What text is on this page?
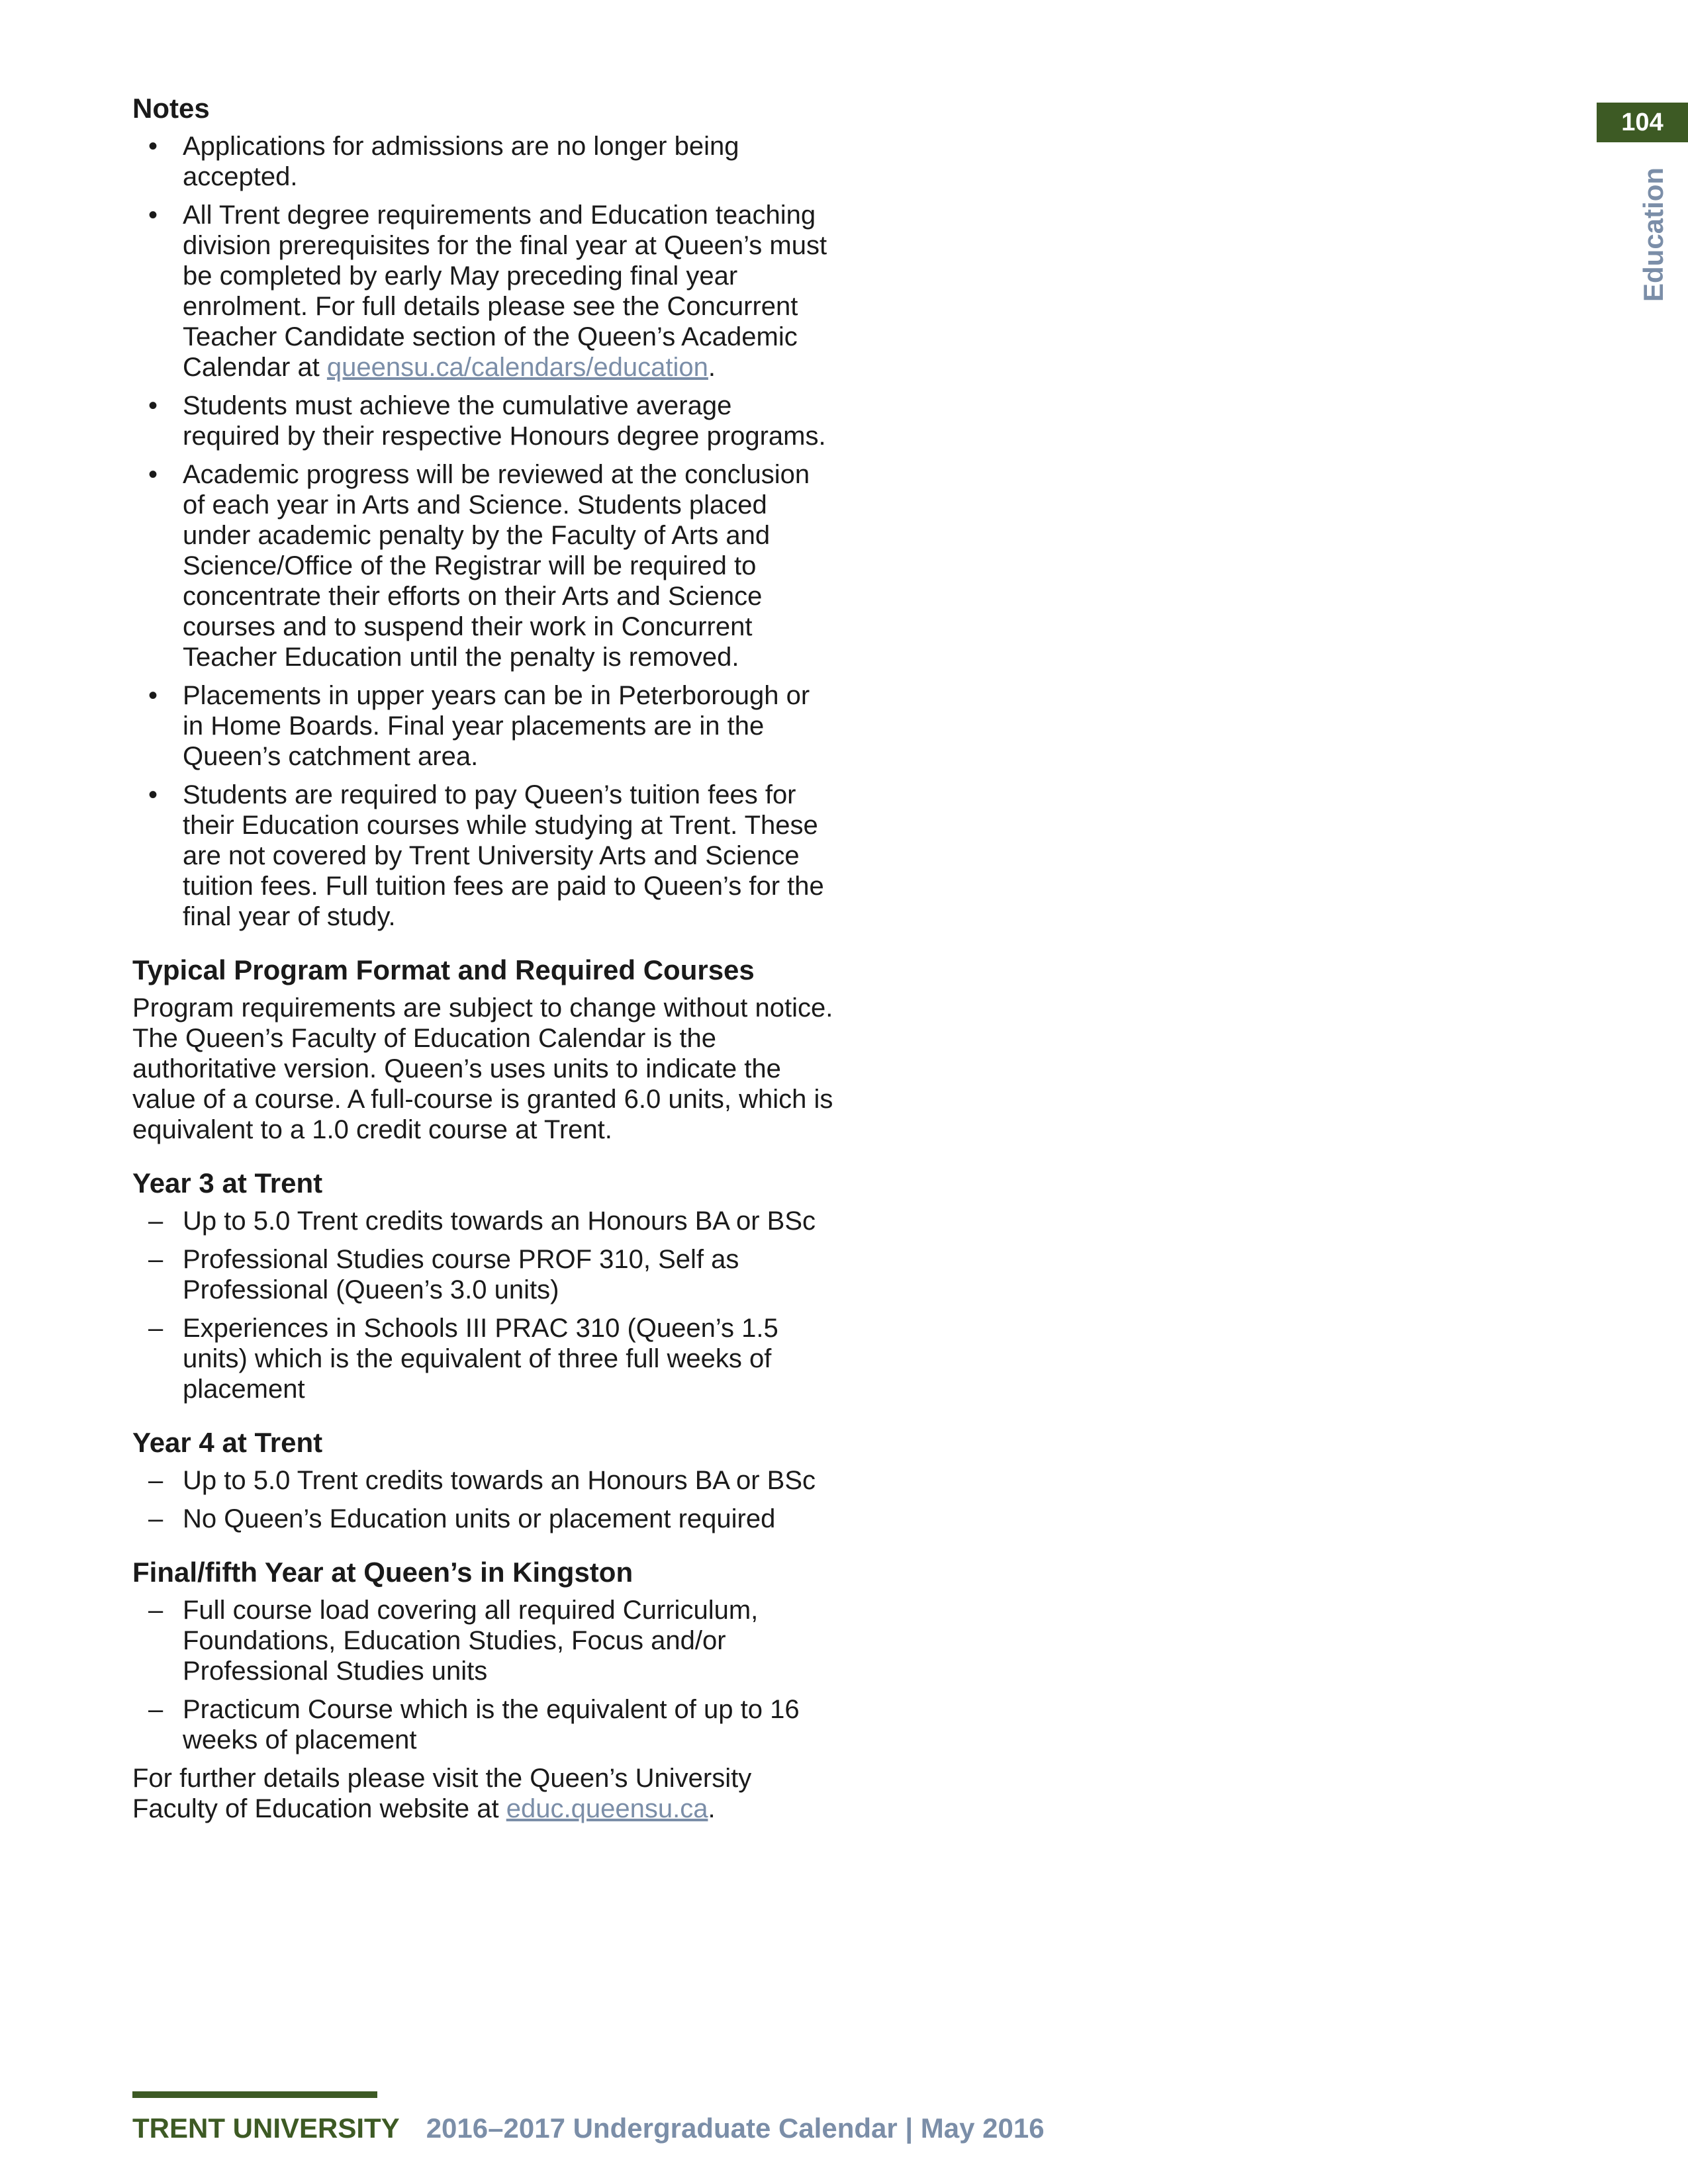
104
Education
Notes
• Applications for admissions are no longer being accepted.
• All Trent degree requirements and Education teaching division prerequisites for the final year at Queen’s must be completed by early May preceding final year enrolment. For full details please see the Concurrent Teacher Candidate section of the Queen’s Academic Calendar at queensu.ca/calendars/education.
• Students must achieve the cumulative average required by their respective Honours degree programs.
• Academic progress will be reviewed at the conclusion of each year in Arts and Science. Students placed under academic penalty by the Faculty of Arts and Science/Office of the Registrar will be required to concentrate their efforts on their Arts and Science courses and to suspend their work in Concurrent Teacher Education until the penalty is removed.
• Placements in upper years can be in Peterborough or in Home Boards. Final year placements are in the Queen’s catchment area.
• Students are required to pay Queen’s tuition fees for their Education courses while studying at Trent. These are not covered by Trent University Arts and Science tuition fees. Full tuition fees are paid to Queen’s for the final year of study.
Typical Program Format and Required Courses

Program requirements are subject to change without notice. The Queen’s Faculty of Education Calendar is the authoritative version. Queen’s uses units to indicate the value of a course. A full-course is granted 6.0 units, which is equivalent to a 1.0 credit course at Trent.

Year 3 at Trent
– Up to 5.0 Trent credits towards an Honours BA or BSc
– Professional Studies course PROF 310, Self as Professional (Queen’s 3.0 units)
– Experiences in Schools III PRAC 310 (Queen’s 1.5 units) which is the equivalent of three full weeks of placement
Year 4 at Trent
– Up to 5.0 Trent credits towards an Honours BA or BSc
– No Queen’s Education units or placement required
Final/fifth Year at Queen’s in Kingston
– Full course load covering all required Curriculum, Foundations, Education Studies, Focus and/or Professional Studies units
– Practicum Course which is the equivalent of up to 16 weeks of placement

For further details please visit the Queen’s University Faculty of Education website at educ.queensu.ca.

TRENT UNIVERSITY 2016–2017 Undergraduate Calendar | May 2016
